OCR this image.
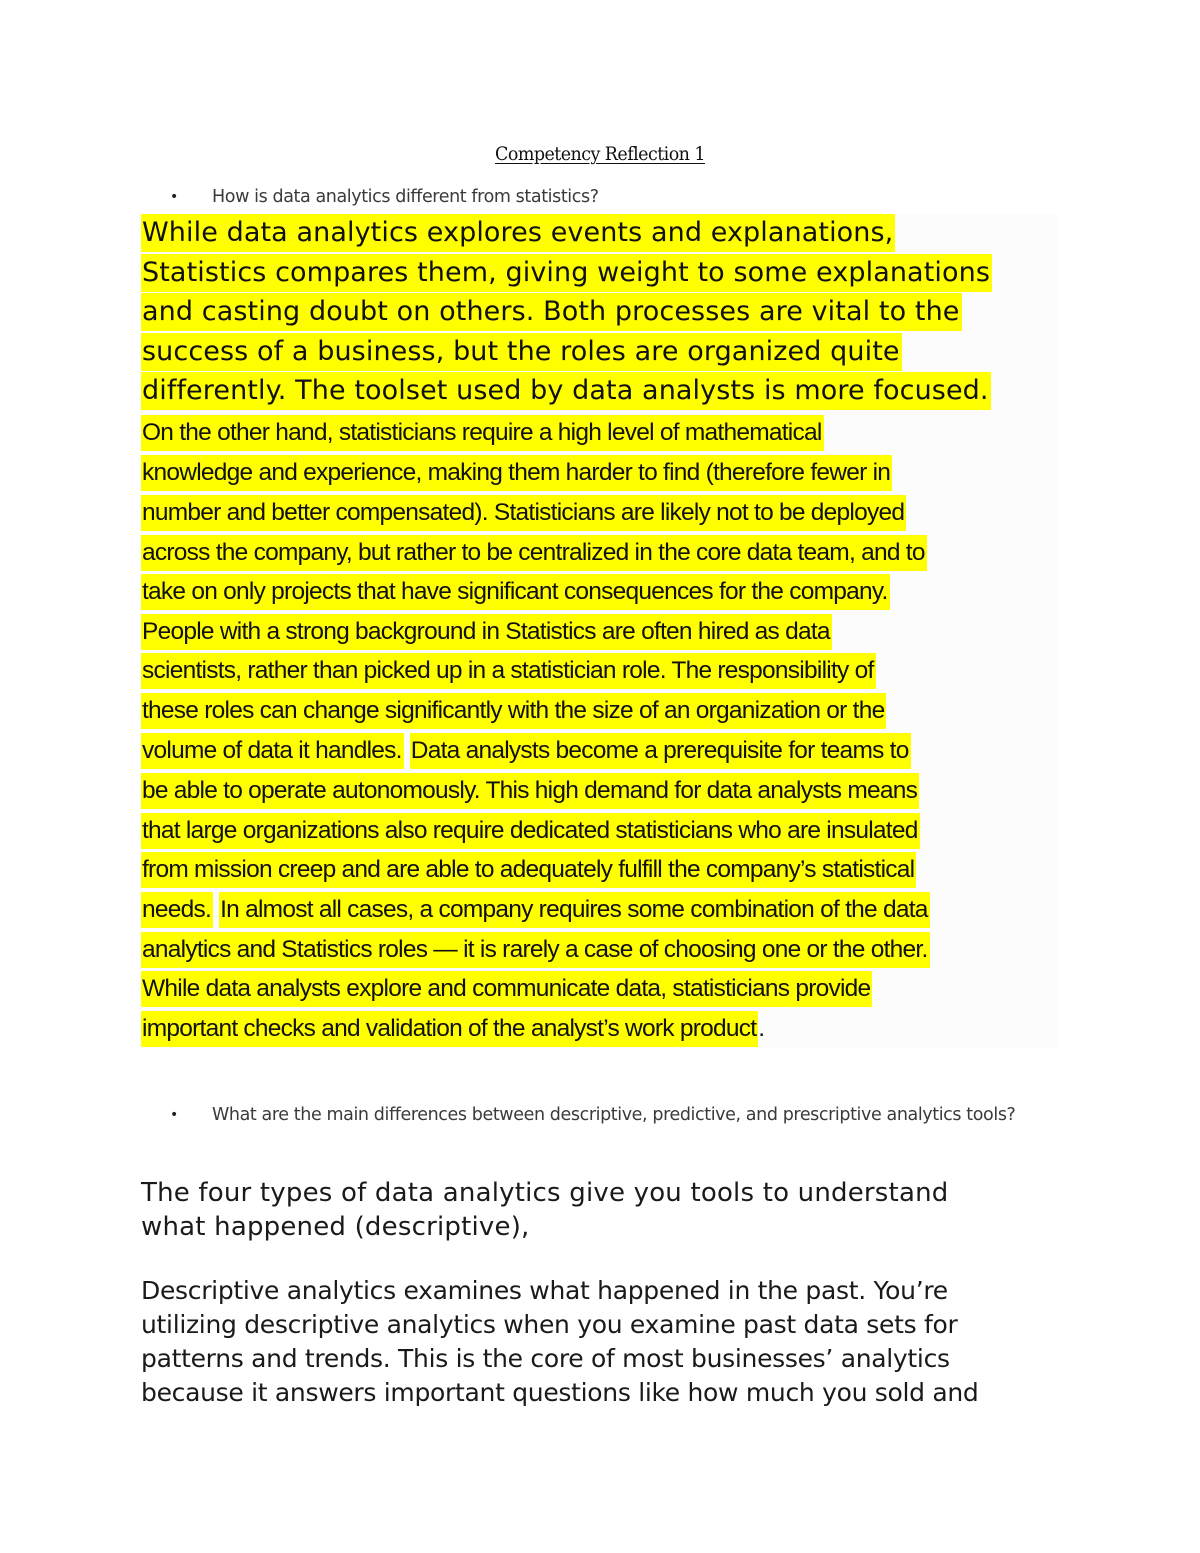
Competency Reflection 1
•	How is data analytics different from statistics?
While data analytics explores events and explanations,
Statistics compares them, giving weight to some explanations
and casting doubt on others. Both processes are vital to the
success of a business, but the roles are organized quite
differently. The toolset used by data analysts is more focused.
On the other hand, statisticians require a high level of mathematical
knowledge and experience, making them harder to find (therefore fewer in
number and better compensated). Statisticians are likely not to be deployed
across the company, but rather to be centralized in the core data team, and to
take on only projects that have significant consequences for the company.
People with a strong background in Statistics are often hired as data
scientists, rather than picked up in a statistician role. The responsibility of
these roles can change significantly with the size of an organization or the
volume of data it handles. Data analysts become a prerequisite for teams to
be able to operate autonomously. This high demand for data analysts means
that large organizations also require dedicated statisticians who are insulated
from mission creep and are able to adequately fulfill the company’s statistical
needs. In almost all cases, a company requires some combination of the data
analytics and Statistics roles — it is rarely a case of choosing one or the other.
While data analysts explore and communicate data, statisticians provide
important checks and validation of the analyst’s work product.
•	What are the main differences between descriptive, predictive, and prescriptive analytics tools?
The four types of data analytics give you tools to understand
what happened (descriptive),
Descriptive analytics examines what happened in the past. You’re
utilizing descriptive analytics when you examine past data sets for
patterns and trends. This is the core of most businesses’ analytics
because it answers important questions like how much you sold and
